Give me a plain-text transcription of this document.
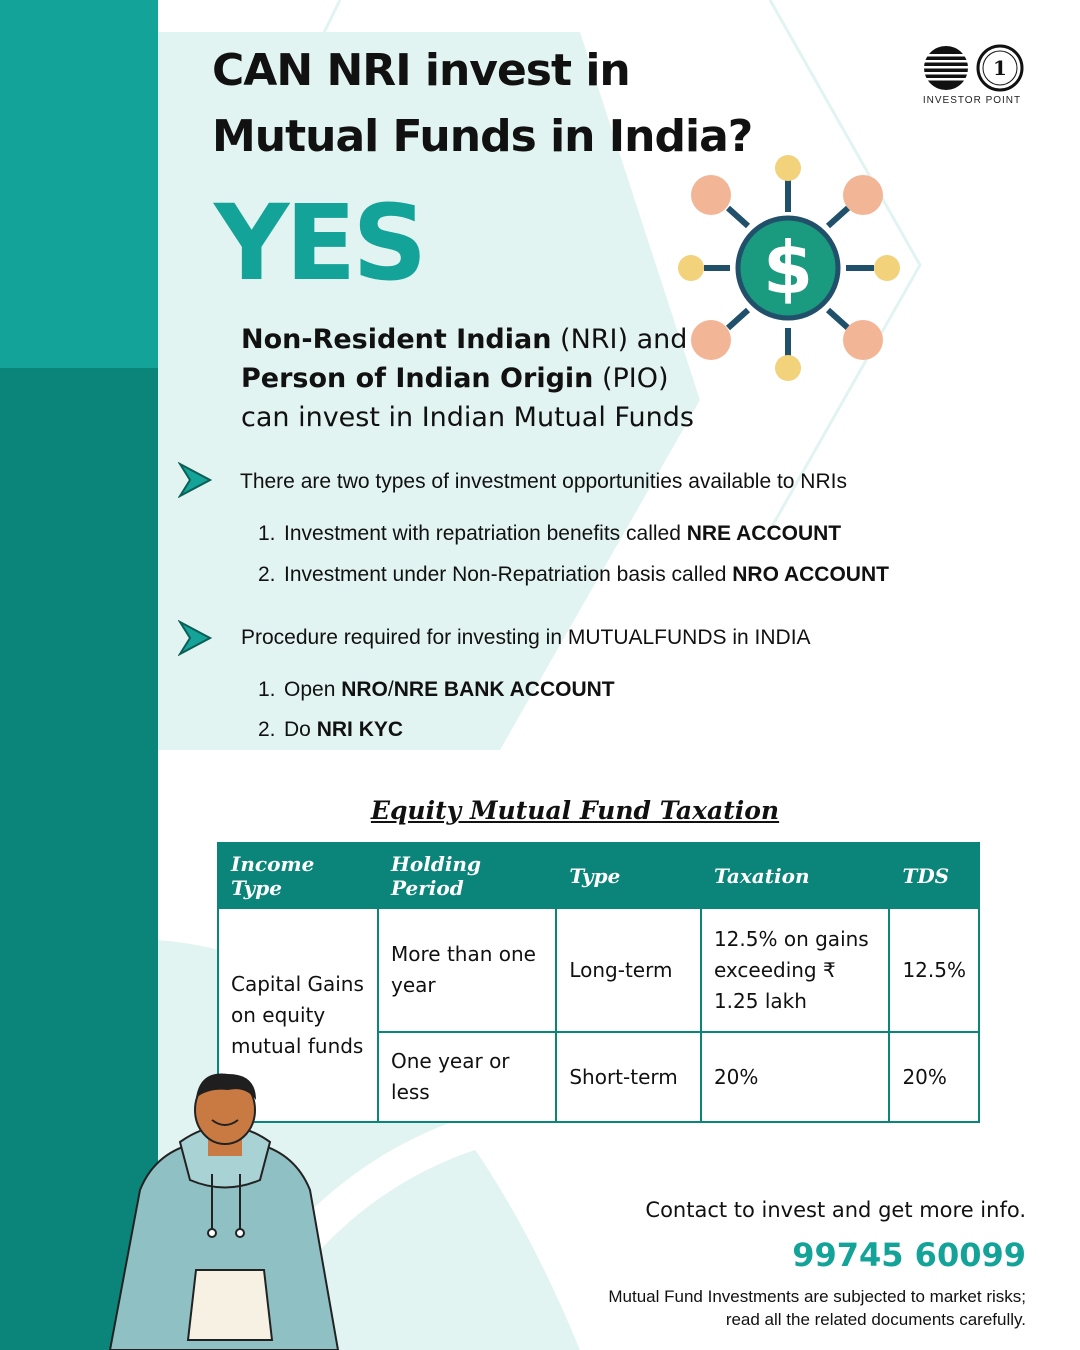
CAN NRI invest in
Mutual Funds in India?
YES
1
INVESTOR POINT
$
Non-Resident Indian (NRI) and
Person of Indian Origin (PIO)
can invest in Indian Mutual Funds
There are two types of investment opportunities available to NRIs
1. Investment with repatriation benefits called NRE ACCOUNT
2. Investment under Non-Repatriation basis called NRO ACCOUNT
Procedure required for investing in MUTUALFUNDS in INDIA
1. Open NRO/NRE BANK ACCOUNT
2. Do NRI KYC
Equity Mutual Fund Taxation
Income Type	Holding Period	Type	Taxation	TDS
Capital Gains on equity mutual funds	More than one year	Long-term	12.5% on gains exceeding ₹ 1.25 lakh	12.5%
	One year or less	Short-term	20%	20%
Contact to invest and get more info.
99745 60099
Mutual Fund Investments are subjected to market risks;
read all the related documents carefully.
